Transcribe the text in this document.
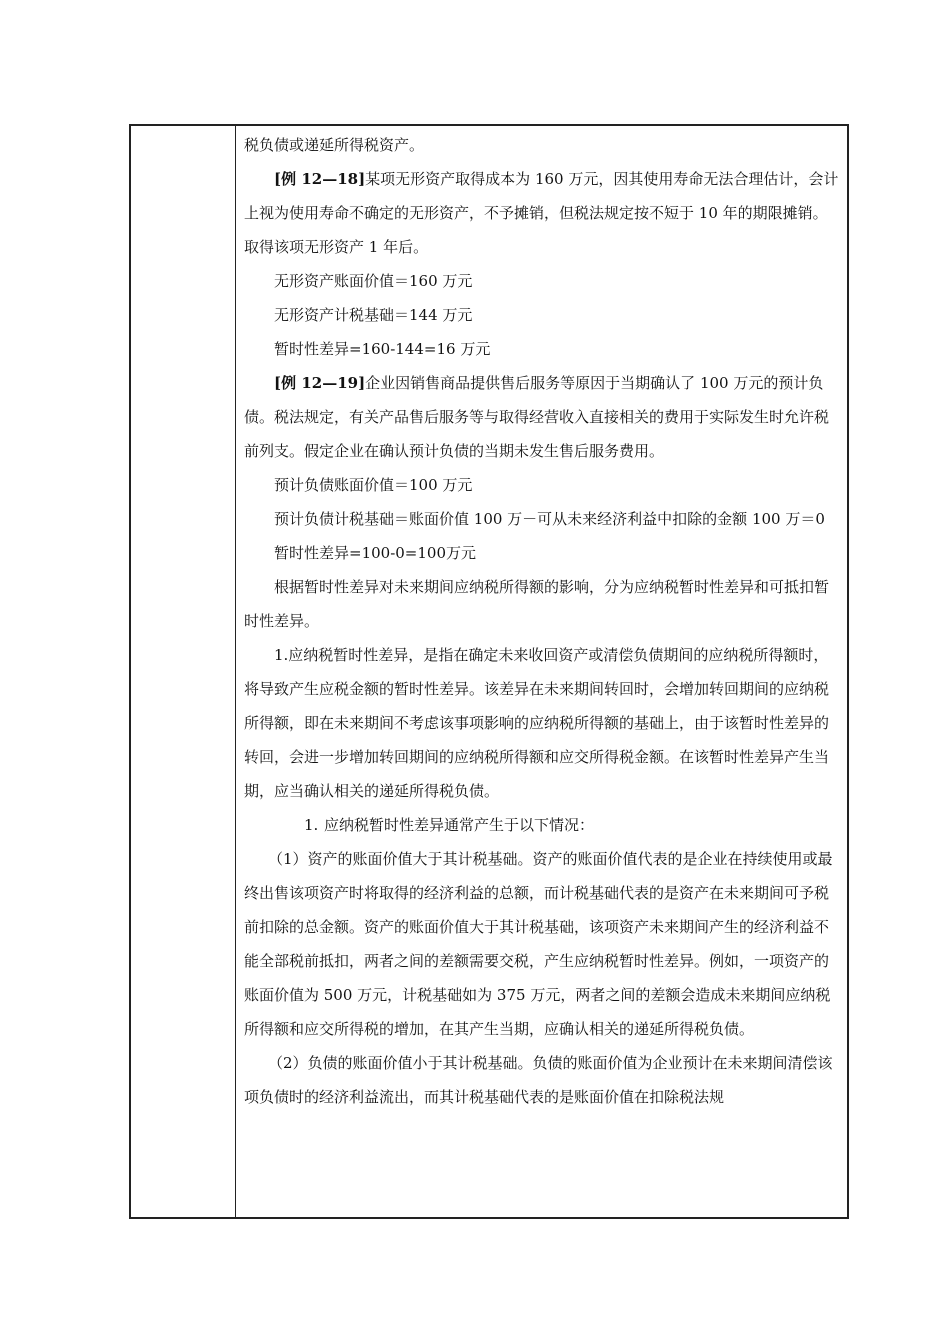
税负债或递延所得税资产。

[例 12—18]某项无形资产取得成本为 160 万元，因其使用寿命无法合理估计，会计上视为使用寿命不确定的无形资产，不予摊销，但税法规定按不短于 10 年的期限摊销。取得该项无形资产 1 年后。

无形资产账面价值＝160 万元

无形资产计税基础＝144 万元

暂时性差异=160-144=16 万元

[例 12—19]企业因销售商品提供售后服务等原因于当期确认了 100 万元的预计负债。税法规定，有关产品售后服务等与取得经营收入直接相关的费用于实际发生时允许税前列支。假定企业在确认预计负债的当期未发生售后服务费用。

预计负债账面价值＝100 万元

预计负债计税基础＝账面价值 100 万－可从未来经济利益中扣除的金额 100 万＝0

暂时性差异=100-0=100万元

根据暂时性差异对未来期间应纳税所得额的影响，分为应纳税暂时性差异和可抵扣暂时性差异。

1.应纳税暂时性差异，是指在确定未来收回资产或清偿负债期间的应纳税所得额时，将导致产生应税金额的暂时性差异。该差异在未来期间转回时，会增加转回期间的应纳税所得额，即在未来期间不考虑该事项影响的应纳税所得额的基础上，由于该暂时性差异的转回，会进一步增加转回期间的应纳税所得额和应交所得税金额。在该暂时性差异产生当期，应当确认相关的递延所得税负债。

1. 应纳税暂时性差异通常产生于以下情况：

（1）资产的账面价值大于其计税基础。资产的账面价值代表的是企业在持续使用或最终出售该项资产时将取得的经济利益的总额，而计税基础代表的是资产在未来期间可予税前扣除的总金额。资产的账面价值大于其计税基础，该项资产未来期间产生的经济利益不能全部税前抵扣，两者之间的差额需要交税，产生应纳税暂时性差异。例如，一项资产的账面价值为 500 万元，计税基础如为 375 万元，两者之间的差额会造成未来期间应纳税所得额和应交所得税的增加，在其产生当期，应确认相关的递延所得税负债。

（2）负债的账面价值小于其计税基础。负债的账面价值为企业预计在未来期间清偿该项负债时的经济利益流出，而其计税基础代表的是账面价值在扣除税法规
